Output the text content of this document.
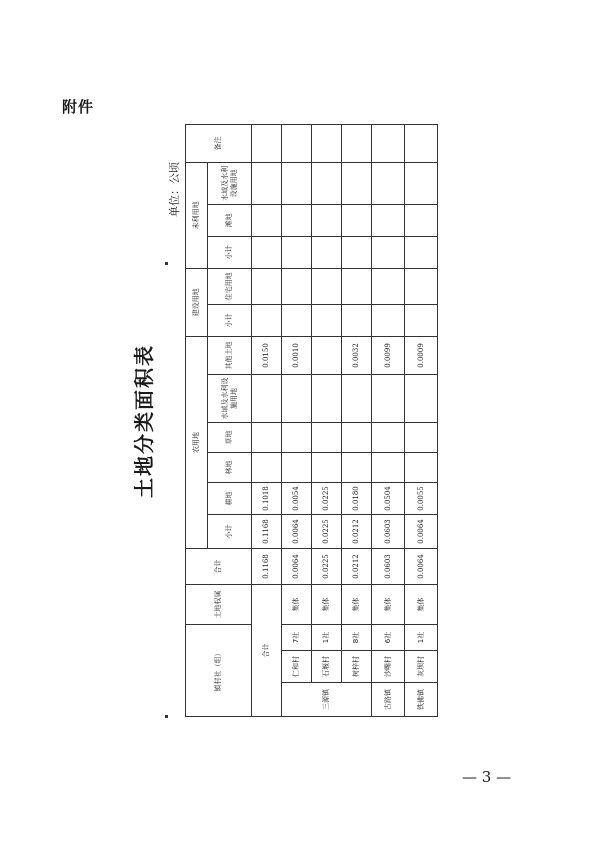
附件
土地分类面积表
单位：公顷
镇村社（组）			土地权属	合计	农用地						建设用地		未利用地			备注
					小计	耕地	林地	草地	水域及水利设施用地	其他土地	小计	住宅用地	小计	滩地	水域及水利设施用地	

合计				0.1168	0.1168	0.1018				0.0150						
三源镇	仁和村	7社	集体	0.0064	0.0064	0.0054				0.0010						
	石堰村	1社	集体	0.0225	0.0225	0.0225										
	树梓村	8社	集体	0.0212	0.0212	0.0180				0.0032						
古路镇	沙嘴村	6社	集体	0.0603	0.0603	0.0504				0.0099						
铁佛镇	灰坝村	1社	集体	0.0064	0.0064	0.0055				0.0009						
— 3 —
